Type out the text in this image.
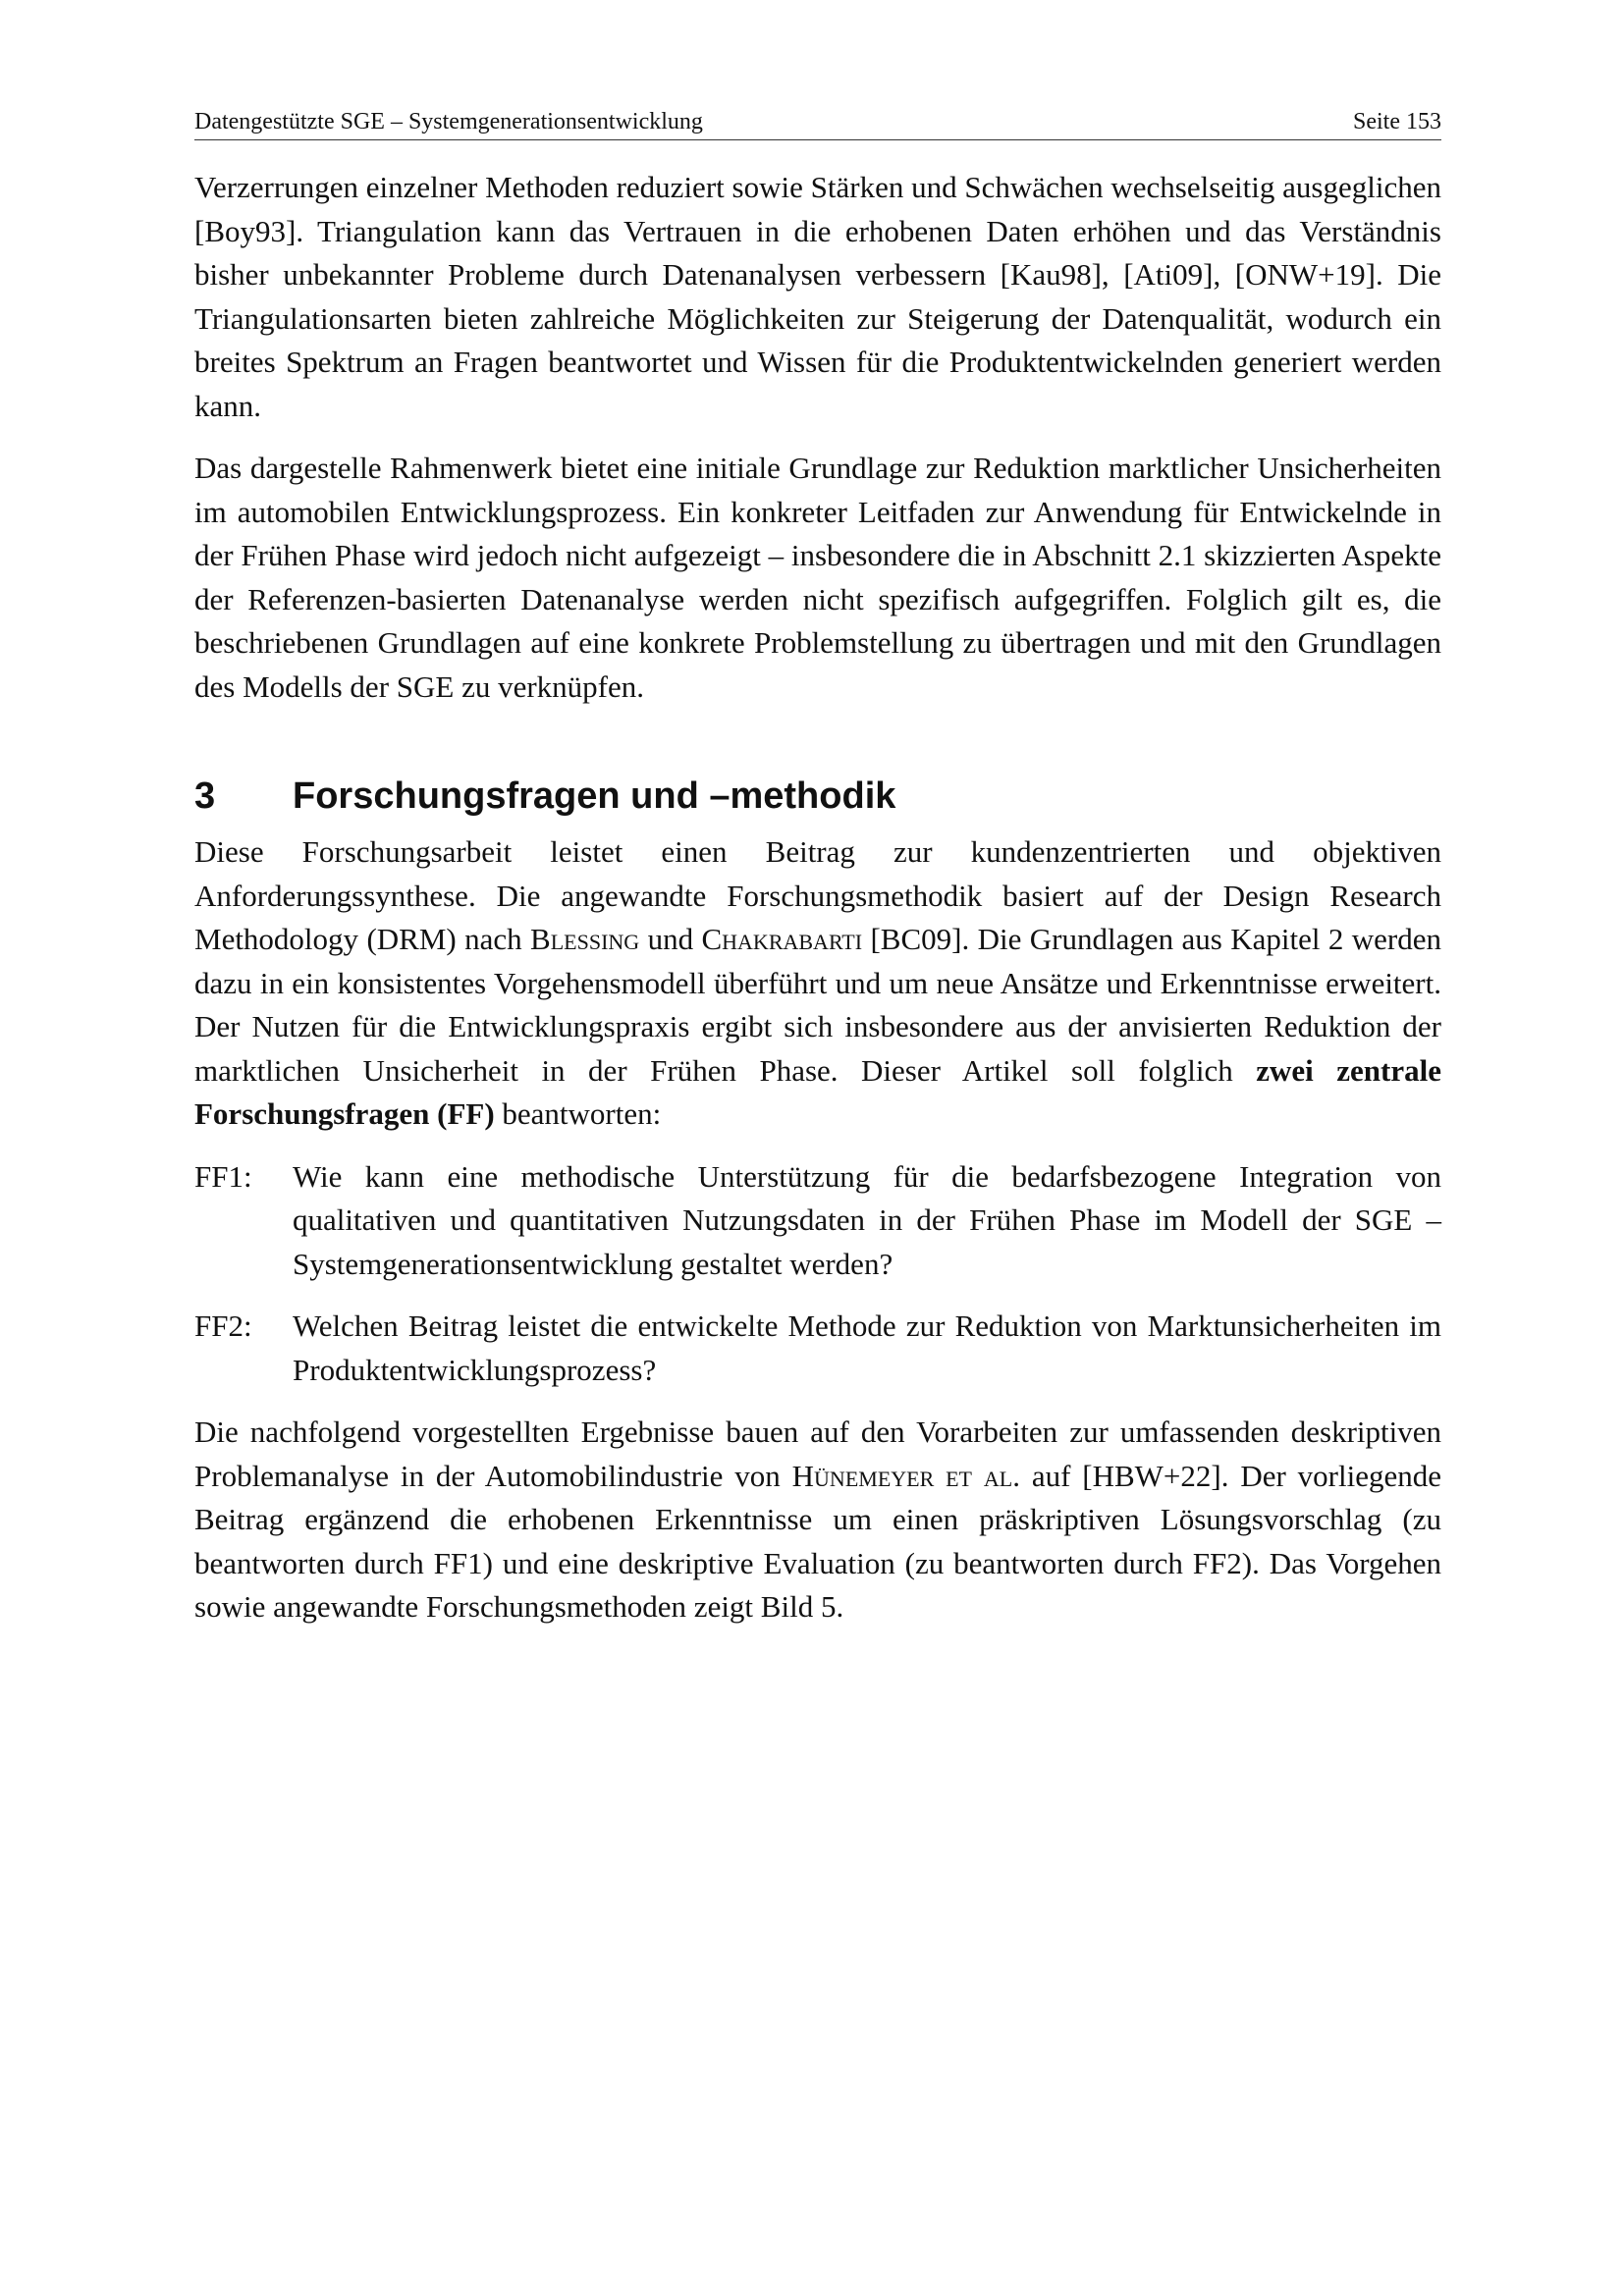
Datengestützte SGE – Systemgenerationsentwicklung	Seite 153

Verzerrungen einzelner Methoden reduziert sowie Stärken und Schwächen wechselseitig ausgeglichen [Boy93]. Triangulation kann das Vertrauen in die erhobenen Daten erhöhen und das Verständnis bisher unbekannter Probleme durch Datenanalysen verbessern [Kau98], [Ati09], [ONW+19]. Die Triangulationsarten bieten zahlreiche Möglichkeiten zur Steigerung der Datenqualität, wodurch ein breites Spektrum an Fragen beantwortet und Wissen für die Produktentwickelnden generiert werden kann.

Das dargestelle Rahmenwerk bietet eine initiale Grundlage zur Reduktion marktlicher Unsicherheiten im automobilen Entwicklungsprozess. Ein konkreter Leitfaden zur Anwendung für Entwickelnde in der Frühen Phase wird jedoch nicht aufgezeigt – insbesondere die in Abschnitt 2.1 skizzierten Aspekte der Referenzen-basierten Datenanalyse werden nicht spezifisch aufgegriffen. Folglich gilt es, die beschriebenen Grundlagen auf eine konkrete Problemstellung zu übertragen und mit den Grundlagen des Modells der SGE zu verknüpfen.

3	Forschungsfragen und –methodik

Diese Forschungsarbeit leistet einen Beitrag zur kundenzentrierten und objektiven Anforderungssynthese. Die angewandte Forschungsmethodik basiert auf der Design Research Methodology (DRM) nach Blessing und Chakrabarti [BC09]. Die Grundlagen aus Kapitel 2 werden dazu in ein konsistentes Vorgehensmodell überführt und um neue Ansätze und Erkenntnisse erweitert. Der Nutzen für die Entwicklungspraxis ergibt sich insbesondere aus der anvisierten Reduktion der marktlichen Unsicherheit in der Frühen Phase. Dieser Artikel soll folglich zwei zentrale Forschungsfragen (FF) beantworten:

FF1:	Wie kann eine methodische Unterstützung für die bedarfsbezogene Integration von qualitativen und quantitativen Nutzungsdaten in der Frühen Phase im Modell der SGE – Systemgenerationsentwicklung gestaltet werden?
FF2:	Welchen Beitrag leistet die entwickelte Methode zur Reduktion von Marktunsicherheiten im Produktentwicklungsprozess?

Die nachfolgend vorgestellten Ergebnisse bauen auf den Vorarbeiten zur umfassenden deskriptiven Problemanalyse in der Automobilindustrie von Hünemeyer et al. auf [HBW+22]. Der vorliegende Beitrag ergänzend die erhobenen Erkenntnisse um einen präskriptiven Lösungsvorschlag (zu beantworten durch FF1) und eine deskriptive Evaluation (zu beantworten durch FF2). Das Vorgehen sowie angewandte Forschungsmethoden zeigt Bild 5.
